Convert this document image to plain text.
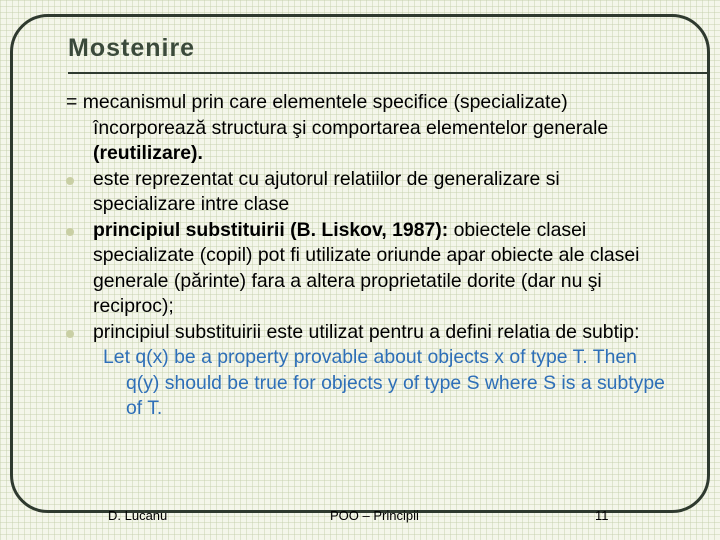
Mostenire

= mecanismul prin care elementele specifice (specializate) încorporează structura şi comportarea elementelor generale (reutilizare).

este reprezentat cu ajutorul relatiilor de generalizare si specializare intre clase

principiul substituirii (B. Liskov, 1987): obiectele clasei specializate (copil) pot fi utilizate oriunde apar obiecte ale clasei generale (părinte) fara a altera proprietatile dorite (dar nu şi reciproc);

principiul substituirii este utilizat pentru a defini relatia de subtip:

Let q(x) be a property provable about objects x of type T. Then q(y) should be true for objects y of type S where S is a subtype of T.

D. Lucanu	POO – Principii	11
